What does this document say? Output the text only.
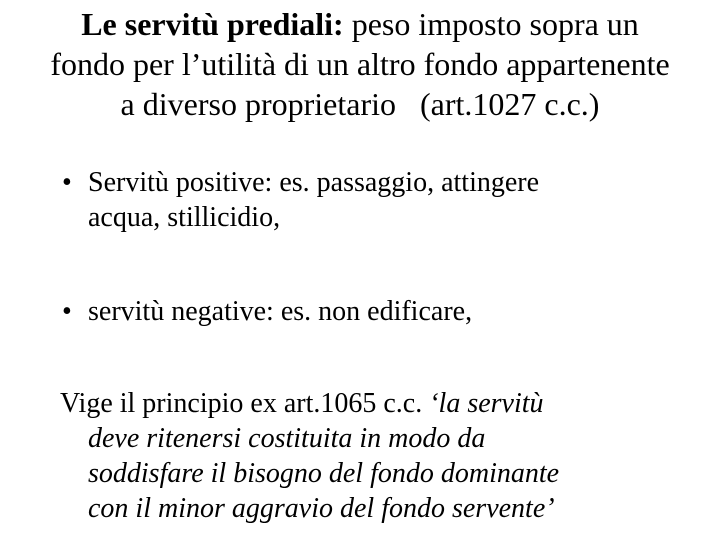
Le servitù prediali: peso imposto sopra un
fondo per l’utilità di un altro fondo appartenente
a diverso proprietario   (art.1027 c.c.)
• Servitù positive: es. passaggio, attingere
acqua, stillicidio,
• servitù negative: es. non edificare,

Vige il principio ex art.1065 c.c. ‘la servitù
deve ritenersi costituita in modo da
soddisfare il bisogno del fondo dominante
con il minor aggravio del fondo servente’
